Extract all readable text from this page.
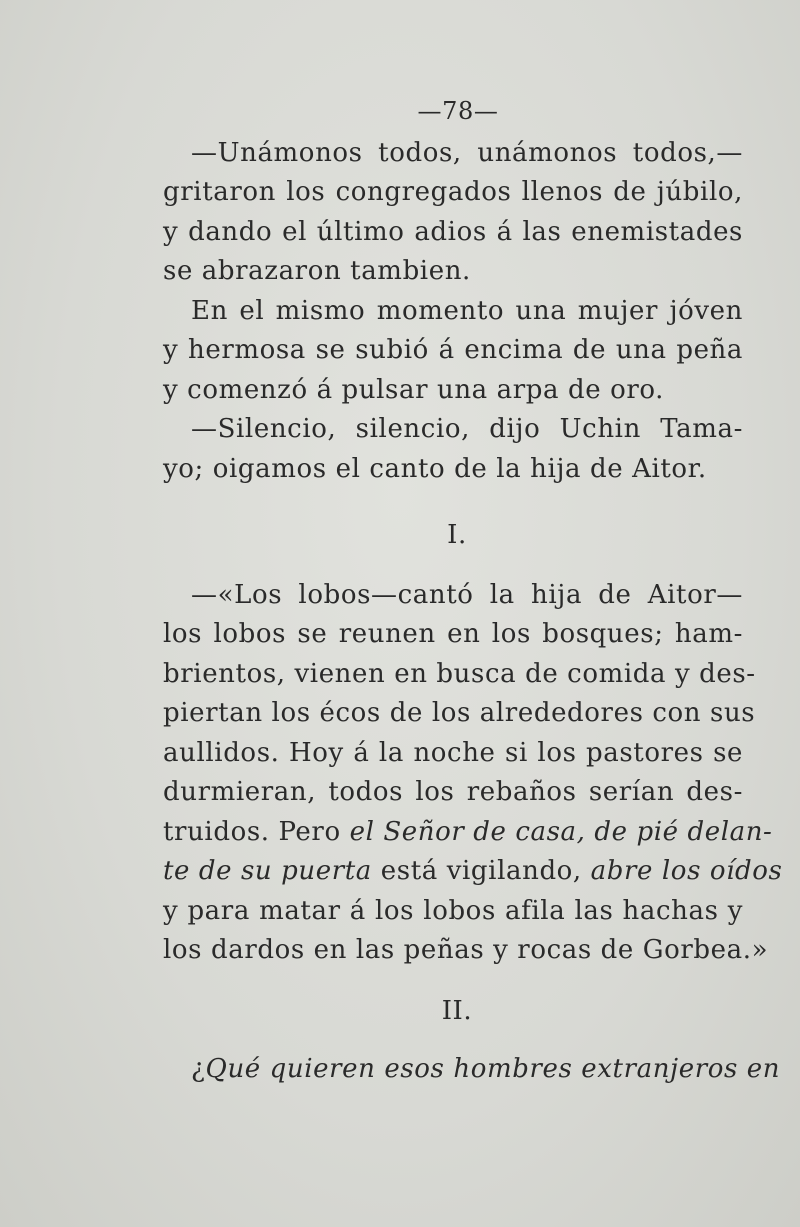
—78—
—Unámonos todos, unámonos todos,—
gritaron los congregados llenos de júbilo,
y dando el último adios á las enemistades
se abrazaron tambien.
En el mismo momento una mujer jóven
y hermosa se subió á encima de una peña
y comenzó á pulsar una arpa de oro.
—Silencio, silencio, dijo Uchin Tama-
yo; oigamos el canto de la hija de Aitor.
I.
—«Los lobos—cantó la hija de Aitor—
los lobos se reunen en los bosques; ham-
brientos, vienen en busca de comida y des-
piertan los écos de los alrededores con sus
aullidos. Hoy á la noche si los pastores se
durmieran, todos los rebaños serían des-
truidos. Pero el Señor de casa, de pié delan-
te de su puerta está vigilando, abre los oídos
y para matar á los lobos afila las hachas y
los dardos en las peñas y rocas de Gorbea.»
II.
¿Qué quieren esos hombres extranjeros en
